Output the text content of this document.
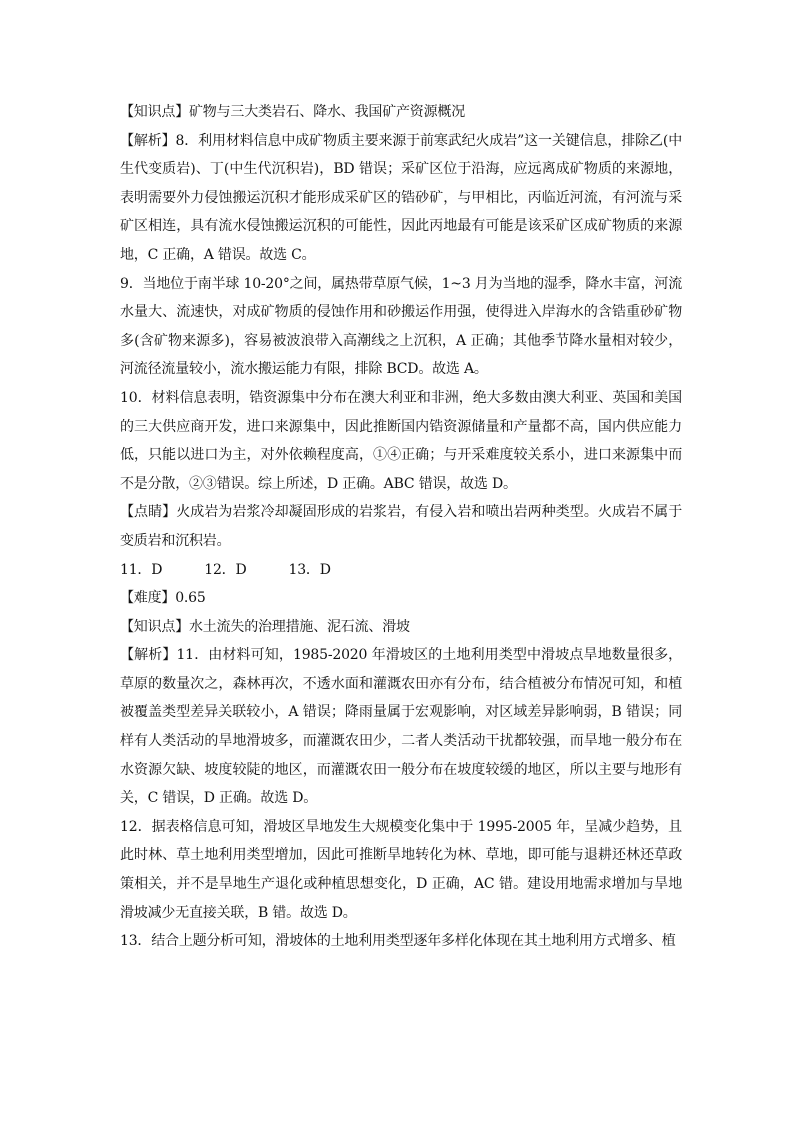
【知识点】矿物与三大类岩石、降水、我国矿产资源概况

【解析】8．利用材料信息中成矿物质主要来源于前寒武纪火成岩”这一关键信息，排除乙(中生代变质岩)、丁(中生代沉积岩)，BD 错误；采矿区位于沿海，应远离成矿物质的来源地，表明需要外力侵蚀搬运沉积才能形成采矿区的锆砂矿，与甲相比，丙临近河流，有河流与采矿区相连，具有流水侵蚀搬运沉积的可能性，因此丙地最有可能是该采矿区成矿物质的来源地，C 正确，A 错误。故选 C。

9．当地位于南半球 10-20°之间，属热带草原气候，1~3 月为当地的湿季，降水丰富，河流水量大、流速快，对成矿物质的侵蚀作用和砂搬运作用强，使得进入岸海水的含锆重砂矿物多(含矿物来源多)，容易被波浪带入高潮线之上沉积，A 正确；其他季节降水量相对较少，河流径流量较小，流水搬运能力有限，排除 BCD。故选 A。

10．材料信息表明，锆资源集中分布在澳大利亚和非洲，绝大多数由澳大利亚、英国和美国的三大供应商开发，进口来源集中，因此推断国内锆资源储量和产量都不高，国内供应能力低，只能以进口为主，对外依赖程度高，①④正确；与开采难度较关系小，进口来源集中而不是分散，②③错误。综上所述，D 正确。ABC 错误，故选 D。

【点睛】火成岩为岩浆冷却凝固形成的岩浆岩，有侵入岩和喷出岩两种类型。火成岩不属于变质岩和沉积岩。

11．D	12．D	13．D

【难度】0.65

【知识点】水土流失的治理措施、泥石流、滑坡

【解析】11．由材料可知，1985-2020 年滑坡区的土地利用类型中滑坡点旱地数量很多，草原的数量次之，森林再次，不透水面和灌溉农田亦有分布，结合植被分布情况可知，和植被覆盖类型差异关联较小，A 错误；降雨量属于宏观影响，对区域差异影响弱，B 错误；同样有人类活动的旱地滑坡多，而灌溉农田少，二者人类活动干扰都较强，而旱地一般分布在水资源欠缺、坡度较陡的地区，而灌溉农田一般分布在坡度较缓的地区，所以主要与地形有关，C 错误，D 正确。故选 D。

12．据表格信息可知，滑坡区旱地发生大规模变化集中于 1995-2005 年，呈减少趋势，且此时林、草土地利用类型增加，因此可推断旱地转化为林、草地，即可能与退耕还林还草政策相关，并不是旱地生产退化或种植思想变化，D 正确，AC 错。建设用地需求增加与旱地滑坡减少无直接关联，B 错。故选 D。

13．结合上题分析可知，滑坡体的土地利用类型逐年多样化体现在其土地利用方式增多、植
